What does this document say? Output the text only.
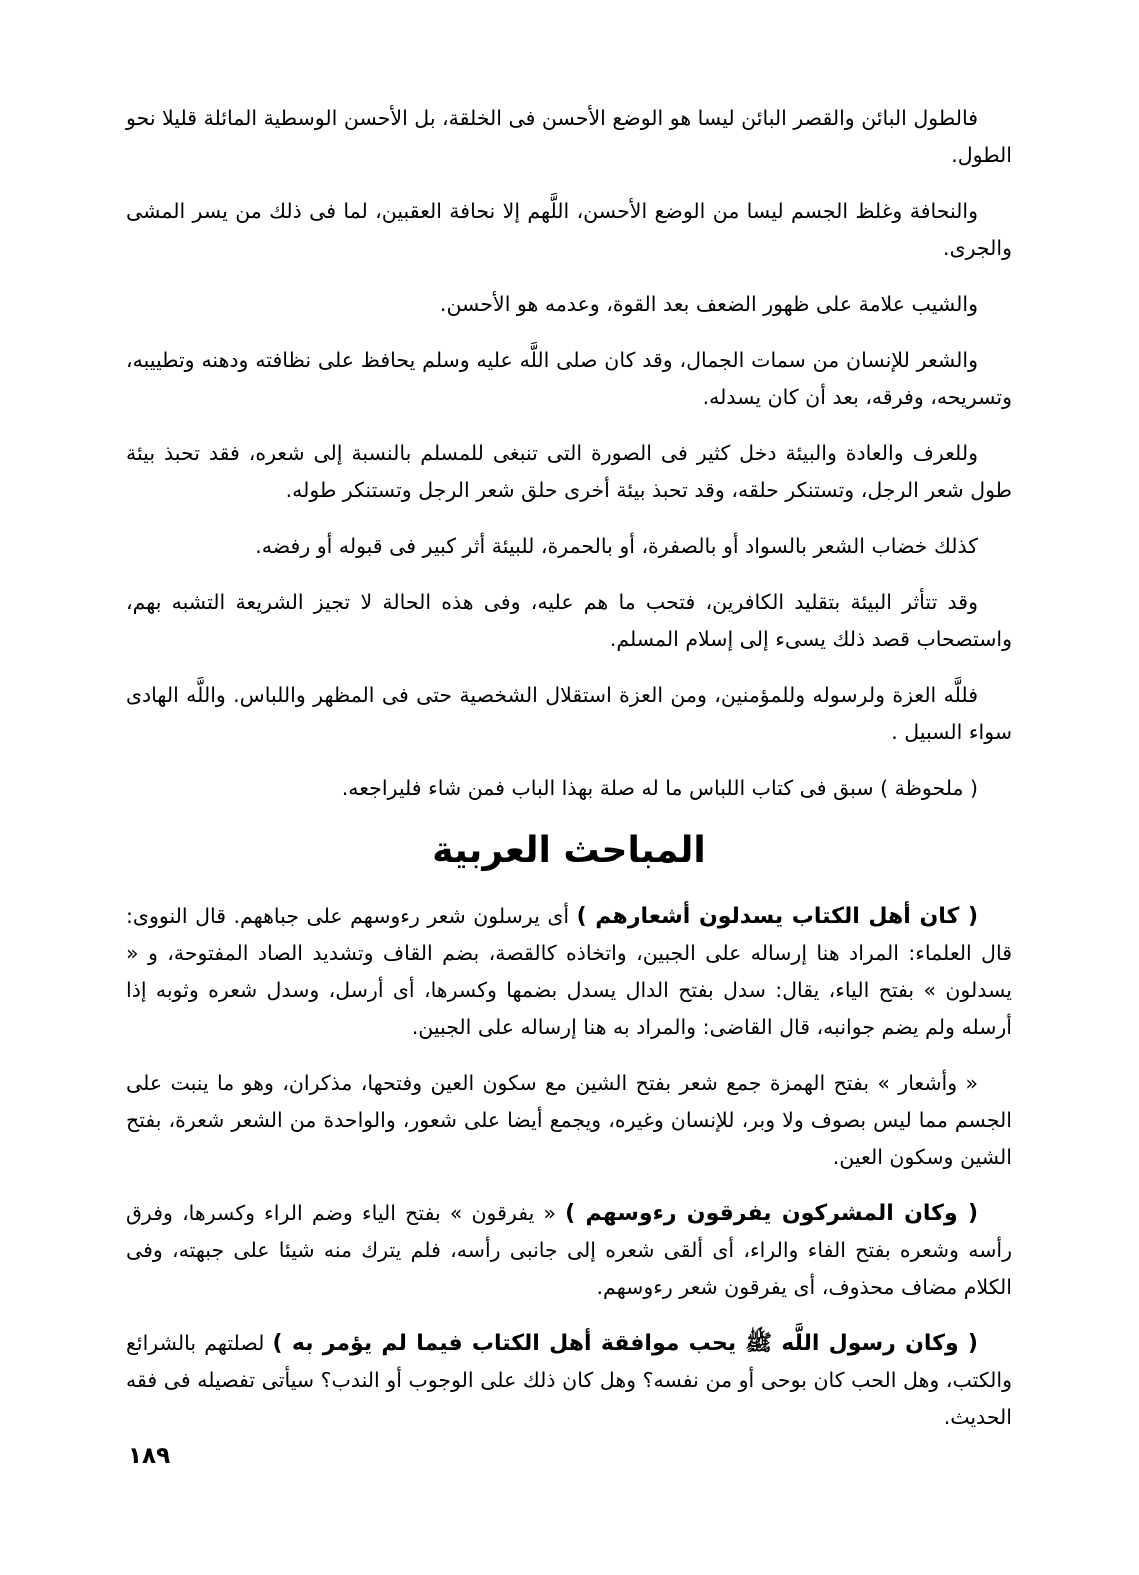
فالطول البائن والقصر البائن ليسا هو الوضع الأحسن فى الخلقة، بل الأحسن الوسطية المائلة قليلا نحو الطول.

والنحافة وغلظ الجسم ليسا من الوضع الأحسن، اللَّهم إلا نحافة العقبين، لما فى ذلك من يسر المشى والجرى.

والشيب علامة على ظهور الضعف بعد القوة، وعدمه هو الأحسن.

والشعر للإنسان من سمات الجمال، وقد كان صلى اللَّه عليه وسلم يحافظ على نظافته ودهنه وتطييبه، وتسريحه، وفرقه، بعد أن كان يسدله.

وللعرف والعادة والبيئة دخل كثير فى الصورة التى تنبغى للمسلم بالنسبة إلى شعره، فقد تحبذ بيئة طول شعر الرجل، وتستنكر حلقه، وقد تحبذ بيئة أخرى حلق شعر الرجل وتستنكر طوله.

كذلك خضاب الشعر بالسواد أو بالصفرة، أو بالحمرة، للبيئة أثر كبير فى قبوله أو رفضه.

وقد تتأثر البيئة بتقليد الكافرين، فتحب ما هم عليه، وفى هذه الحالة لا تجيز الشريعة التشبه بهم، واستصحاب قصد ذلك يسىء إلى إسلام المسلم.

فللَّه العزة ولرسوله وللمؤمنين، ومن العزة استقلال الشخصية حتى فى المظهر واللباس. واللَّه الهادى سواء السبيل .

( ملحوظة ) سبق فى كتاب اللباس ما له صلة بهذا الباب فمن شاء فليراجعه.

المباحث العربية

( كان أهل الكتاب يسدلون أشعارهم ) أى يرسلون شعر رءوسهم على جباههم. قال النووى: قال العلماء: المراد هنا إرساله على الجبين، واتخاذه كالقصة، بضم القاف وتشديد الصاد المفتوحة، و « يسدلون » بفتح الياء، يقال: سدل بفتح الدال يسدل بضمها وكسرها، أى أرسل، وسدل شعره وثوبه إذا أرسله ولم يضم جوانبه، قال القاضى: والمراد به هنا إرساله على الجبين.

« وأشعار » بفتح الهمزة جمع شعر بفتح الشين مع سكون العين وفتحها، مذكران، وهو ما ينبت على الجسم مما ليس بصوف ولا وبر، للإنسان وغيره، ويجمع أيضا على شعور، والواحدة من الشعر شعرة، بفتح الشين وسكون العين.

( وكان المشركون يفرقون رءوسهم ) « يفرقون » بفتح الياء وضم الراء وكسرها، وفرق رأسه وشعره بفتح الفاء والراء، أى ألقى شعره إلى جانبى رأسه، فلم يترك منه شيئا على جبهته، وفى الكلام مضاف محذوف، أى يفرقون شعر رءوسهم.

( وكان رسول اللَّه ﷺ يحب موافقة أهل الكتاب فيما لم يؤمر به ) لصلتهم بالشرائع والكتب، وهل الحب كان بوحى أو من نفسه؟ وهل كان ذلك على الوجوب أو الندب؟ سيأتى تفصيله فى فقه الحديث.

١٨٩
